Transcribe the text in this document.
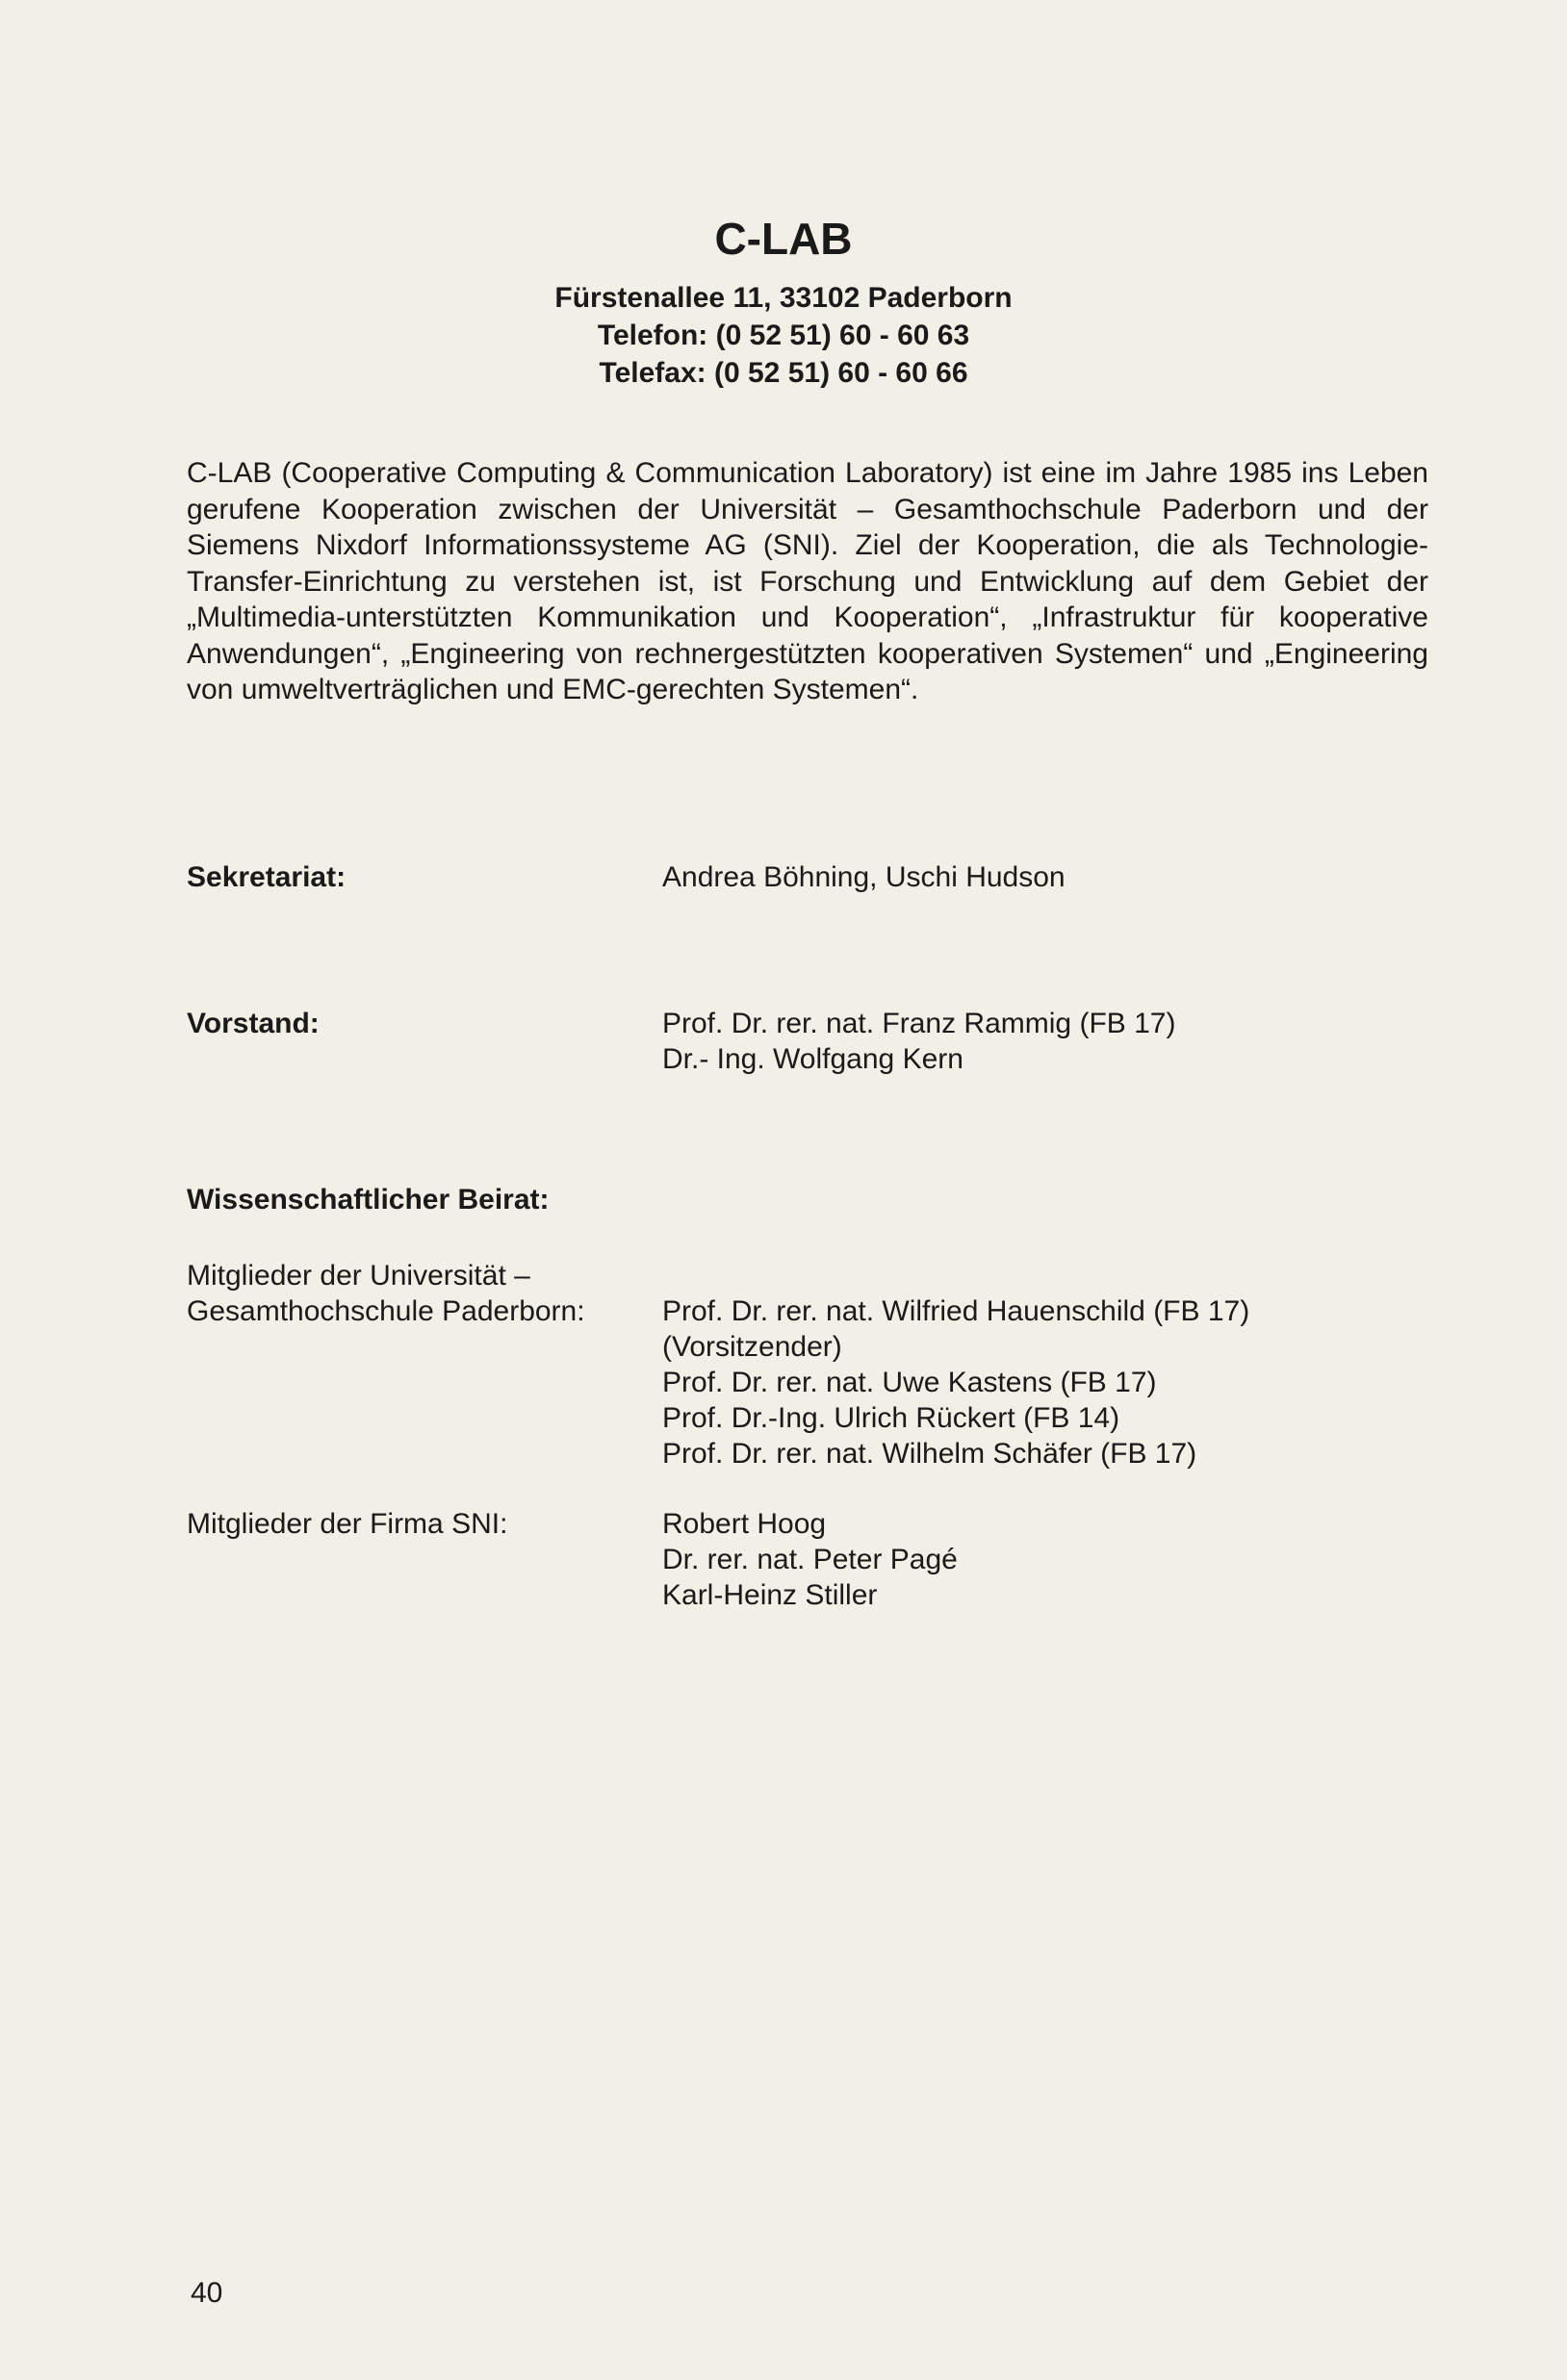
C-LAB
Fürstenallee 11, 33102 Paderborn
Telefon: (0 52 51) 60 - 60 63
Telefax: (0 52 51) 60 - 60 66

C-LAB (Cooperative Computing & Communication Laboratory) ist eine im Jahre 1985 ins Leben gerufene Kooperation zwischen der Universität – Gesamthochschule Paderborn und der Siemens Nixdorf Informationssysteme AG (SNI). Ziel der Kooperation, die als Technologie-Transfer-Einrichtung zu verstehen ist, ist Forschung und Entwicklung auf dem Gebiet der „Multimedia-unterstützten Kommunikation und Kooperation“, „Infrastruktur für kooperative Anwendungen“, „Engineering von rechnergestützten kooperativen Systemen“ und „Engineering von umweltverträglichen und EMC-gerechten Systemen“.

Sekretariat:	Andrea Böhning, Uschi Hudson
Vorstand:	Prof. Dr. rer. nat. Franz Rammig (FB 17)
Dr.- Ing. Wolfgang Kern
Wissenschaftlicher Beirat:
Mitglieder der Universität –
Gesamthochschule Paderborn:	Prof. Dr. rer. nat. Wilfried Hauenschild (FB 17)
(Vorsitzender)
Prof. Dr. rer. nat. Uwe Kastens (FB 17)
Prof. Dr.-Ing. Ulrich Rückert (FB 14)
Prof. Dr. rer. nat. Wilhelm Schäfer (FB 17)
Mitglieder der Firma SNI:	Robert Hoog
Dr. rer. nat. Peter Pagé
Karl-Heinz Stiller
40
